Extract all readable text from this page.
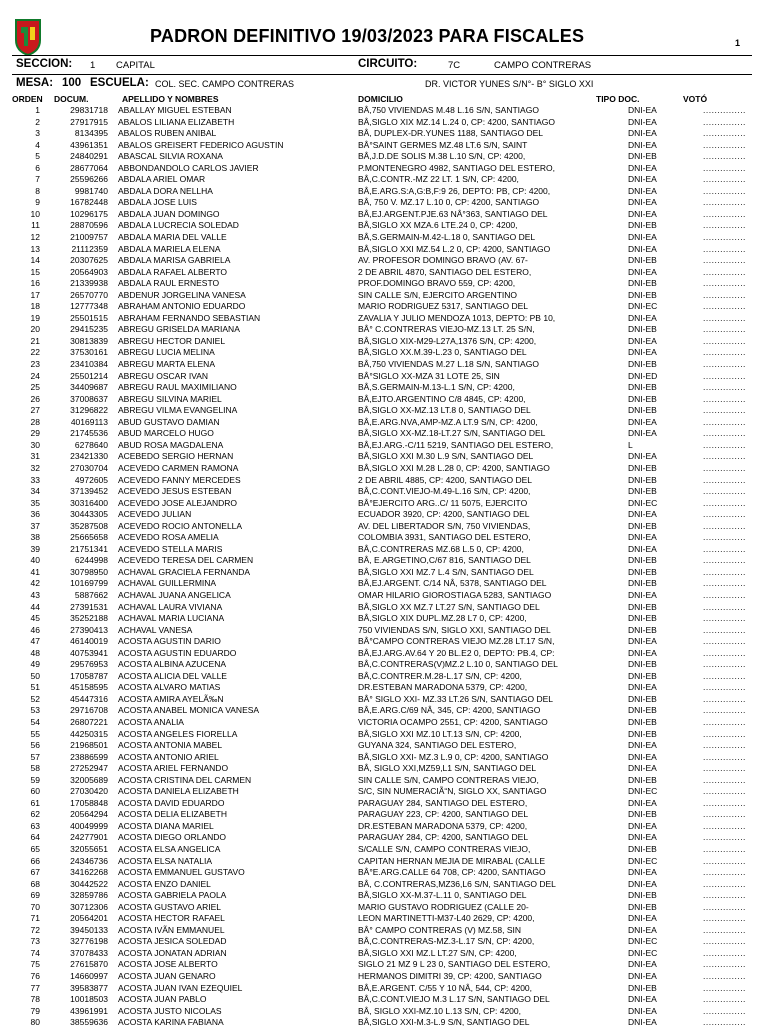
PADRON DEFINITIVO 19/03/2023 PARA FISCALES	1
SECCION: 1 CAPITAL	CIRCUITO:	7C	CAMPO CONTRERAS
MESA: 100 ESCUELA: COL. SEC. CAMPO CONTRERAS	DR. VICTOR YUNES S/N°- B° SIGLO XXI
ORDEN DOCUM.	APELLIDO Y NOMBRES	DOMICILIO	TIPO DOC.	VOTÓ
1	29831718 ABALLAY MIGUEL ESTEBAN	BÂ,750 VIVIENDAS M.48 L.16 S/N, SANTIAGO	DNI-EA	...............
2	27917915 ABALOS LILIANA ELIZABETH	BÂ,SIGLO XIX MZ.14 L.24 0, CP: 4200, SANTIAGO	DNI-EA	...............
3	8134395 ABALOS RUBEN ANIBAL	BÂ, DUPLEX-DR.YUNES 1188, SANTIAGO DEL	DNI-EA	...............
4	43961351 ABALOS GREISERT FEDERICO AGUSTIN	BÂ°SAINT GERMES MZ.48 LT.6 S/N, SAINT	DNI-EA	...............
5	24840291 ABASCAL SILVIA ROXANA	BÂ,J.D.DE SOLIS M.38 L.10 S/N, CP: 4200,	DNI-EB	...............
6	28677064 ABBONDANDOLO CARLOS JAVIER	P.MONTENEGRO 4982, SANTIAGO DEL ESTERO,	DNI-EA	...............
7	25596266 ABDALA ARIEL OMAR	BÂ,C.CONTR.-MZ 22 LT. 1 S/N, CP: 4200,	DNI-EA	...............
8	9981740 ABDALA DORA NELLHA	BÂ,E.ARG.S:A,G:B,F:9 26, DEPTO: PB, CP: 4200,	DNI-EA	...............
9	16782448 ABDALA JOSE LUIS	BÂ, 750 V. MZ.17 L.10 0, CP: 4200, SANTIAGO	DNI-EA	...............
10	10296175 ABDALA JUAN DOMINGO	BÂ,EJ.ARGENT.PJE.63 NÂ°363, SANTIAGO DEL	DNI-EA	...............
11	28870596 ABDALA LUCRECIA SOLEDAD	BÂ,SIGLO XX MZA.6 LTE.24 0, CP: 4200,	DNI-EB	...............
12	21009757 ABDALA MARIA DEL VALLE	BÂ,S.GERMAIN-M.42-L.18 0, SANTIAGO DEL	DNI-EA	...............
13	21112359 ABDALA MARIELA ELENA	BÂ,SIGLO XXI MZ.54 L.2 0, CP: 4200, SANTIAGO	DNI-EA	...............
14	20307625 ABDALA MARISA GABRIELA	AV. PROFESOR DOMINGO BRAVO (AV. 67-	DNI-EB	...............
15	20564903 ABDALA RAFAEL ALBERTO	2 DE ABRIL 4870, SANTIAGO DEL ESTERO,	DNI-EA	...............
16	21339938 ABDALA RAUL ERNESTO	PROF.DOMINGO BRAVO 559, CP: 4200,	DNI-EB	...............
17	26570770 ABDENUR JORGELINA VANESA	SIN CALLE S/N, EJERCITO ARGENTINO	DNI-EB	...............
18	12777348 ABRAHAM ANTONIO EDUARDO	MARIO RODRIGUEZ 5317, SANTIAGO DEL	DNI-EC	...............
19	25501515 ABRAHAM FERNANDO SEBASTIAN	ZAVALIA Y JULIO MENDOZA 1013, DEPTO: PB 10,	DNI-EA	...............
20	29415235 ABREGU GRISELDA MARIANA	BÂ° C.CONTRERAS VIEJO-MZ.13 LT. 25 S/N,	DNI-EB	...............
21	30813839 ABREGU HECTOR DANIEL	BÂ,SIGLO XIX-M29-L27A,1376 S/N, CP: 4200,	DNI-EA	...............
22	37530161 ABREGU LUCIA MELINA	BÂ,SIGLO XX.M.39-L.23 0, SANTIAGO DEL	DNI-EA	...............
23	23410384 ABREGU MARTA ELENA	BÂ,750 VIVIENDAS M.27 L.18 S/N, SANTIAGO	DNI-EB	...............
24	25501214 ABREGU OSCAR IVAN	BÂ°SIGLO XX-MZA 31 LOTE 25, SIN	DNI-ED	...............
25	34409687 ABREGU RAUL MAXIMILIANO	BÂ,S.GERMAIN-M.13-L.1 S/N, CP: 4200,	DNI-EB	...............
26	37008637 ABREGU SILVINA MARIEL	BÂ,EJTO.ARGENTINO C/8 4845, CP: 4200,	DNI-EB	...............
27	31296822 ABREGU VILMA EVANGELINA	BÂ,SIGLO XX-MZ.13 LT.8 0, SANTIAGO DEL	DNI-EB	...............
28	40169113 ABUD GUSTAVO DAMIAN	BÂ,E.ARG.NVA,AMP-MZ.A LT.9 S/N, CP: 4200,	DNI-EA	...............
29	21745536 ABUD MARCELO HUGO	BÂ,SIGLO XX-MZ.18-LT.27 S/N, SANTIAGO DEL	DNI-EA	...............
30	6278640 ABUD ROSA MAGDALENA	BÂ,EJ.ARG.-C/11 5219, SANTIAGO DEL ESTERO,	L	...............
31	23421330 ACEBEDO SERGIO HERNAN	BÂ,SIGLO XXI M.30 L.9 S/N, SANTIAGO DEL	DNI-EA	...............
32	27030704 ACEVEDO CARMEN RAMONA	BÂ,SIGLO XXI M.28 L.28 0, CP: 4200, SANTIAGO	DNI-EB	...............
33	4972605 ACEVEDO FANNY MERCEDES	2 DE ABRIL 4885, CP: 4200, SANTIAGO DEL	DNI-EB	...............
34	37139452 ACEVEDO JESUS ESTEBAN	BÂ,C.CONT.VIEJO-M.49-L.16 S/N, CP: 4200,	DNI-EB	...............
35	30316400 ACEVEDO JOSE ALEJANDRO	BÂ°EJERCITO ARG..C/ 11 5075, EJERCITO	DNI-EC	...............
36	30443305 ACEVEDO JULIAN	ECUADOR 3920, CP: 4200, SANTIAGO DEL	DNI-EA	...............
37	35287508 ACEVEDO ROCIO ANTONELLA	AV. DEL LIBERTADOR S/N, 750 VIVIENDAS,	DNI-EB	...............
38	25665658 ACEVEDO ROSA AMELIA	COLOMBIA 3931, SANTIAGO DEL ESTERO,	DNI-EA	...............
39	21751341 ACEVEDO STELLA MARIS	BÂ,C.CONTRERAS MZ.68 L.5 0, CP: 4200,	DNI-EA	...............
40	6244998 ACEVEDO TERESA DEL CARMEN	BÂ, E.ARGETINO,C/67 816, SANTIAGO DEL	DNI-EB	...............
41	30798950 ACHAVAL GRACIELA FERNANDA	BÂ,SIGLO XXI MZ.7 L.4 S/N, SANTIAGO DEL	DNI-EB	...............
42	10169799 ACHAVAL GUILLERMINA	BÂ,EJ.ARGENT. C/14 NÂ, 5378, SANTIAGO DEL	DNI-EB	...............
43	5887662 ACHAVAL JUANA ANGELICA	OMAR HILARIO GIOROSTIAGA 5283, SANTIAGO	DNI-EA	...............
44	27391531 ACHAVAL LAURA VIVIANA	BÂ,SIGLO XX MZ.7 LT.27 S/N, SANTIAGO DEL	DNI-EB	...............
45	35252188 ACHAVAL MARIA LUCIANA	BÂ,SIGLO XIX DUPL.MZ.28 L7 0, CP: 4200,	DNI-EB	...............
46	27390413 ACHAVAL VANESA	750 VIVIENDAS S/N, SIGLO XXI, SANTIAGO DEL	DNI-EB	...............
47	46140019 ACOSTA AGUSTIN DARIO	BÂ°CAMPO CONTRERAS VIEJO MZ.28 LT.17 S/N,	DNI-EA	...............
48	40753941 ACOSTA AGUSTIN EDUARDO	BÂ,EJ.ARG.AV.64 Y 20 BL.E2 0, DEPTO: PB.4, CP:	DNI-EA	...............
49	29576953 ACOSTA ALBINA AZUCENA	BÂ,C.CONTRERAS(V)MZ.2 L.10 0, SANTIAGO DEL	DNI-EB	...............
50	17058787 ACOSTA ALICIA DEL VALLE	BÂ,C.CONTRER.M.28-L.17 S/N, CP: 4200,	DNI-EB	...............
51	45158595 ACOSTA ALVARO MATIAS	DR.ESTEBAN MARADONA 5379, CP: 4200,	DNI-EA	...............
52	45447316 ACOSTA AMIRA AYELÃ‰N	BÂ° SIGLO XXI- MZ.33 LT.26 S/N, SANTIAGO DEL	DNI-EB	...............
53	29716708 ACOSTA ANABEL MONICA VANESA	BÂ,E.ARG.C/69 NÂ, 345, CP: 4200, SANTIAGO	DNI-EB	...............
54	26807221 ACOSTA ANALIA	VICTORIA OCAMPO 2551, CP: 4200, SANTIAGO	DNI-EB	...............
55	44250315 ACOSTA ANGELES FIORELLA	BÂ,SIGLO XXI MZ.10 LT.13 S/N, CP: 4200,	DNI-EB	...............
56	21968501 ACOSTA ANTONIA MABEL	GUYANA 324, SANTIAGO DEL ESTERO,	DNI-EA	...............
57	23886599 ACOSTA ANTONIO ARIEL	BÂ,SIGLO XXI- MZ.3 L.9 0, CP: 4200, SANTIAGO	DNI-EA	...............
58	27252947 ACOSTA ARIEL FERNANDO	BÂ, SIGLO XXI,MZ59,L1 S/N, SANTIAGO DEL	DNI-EA	...............
59	32005689 ACOSTA CRISTINA DEL CARMEN	SIN CALLE S/N, CAMPO CONTRERAS VIEJO,	DNI-EB	...............
60	27030420 ACOSTA DANIELA ELIZABETH	S/C, SIN NUMERACIÃ“N, SIGLO XX, SANTIAGO	DNI-EC	...............
61	17058848 ACOSTA DAVID EDUARDO	PARAGUAY 284, SANTIAGO DEL ESTERO,	DNI-EA	...............
62	20564294 ACOSTA DELIA ELIZABETH	PARAGUAY 223, CP: 4200, SANTIAGO DEL	DNI-EB	...............
63	40049999 ACOSTA DIANA MARIEL	DR.ESTEBAN MARADONA 5379, CP: 4200,	DNI-EA	...............
64	24277901 ACOSTA DIEGO ORLANDO	PARAGUAY 284, CP: 4200, SANTIAGO DEL	DNI-EA	...............
65	32055651 ACOSTA ELSA ANGELICA	S/CALLE S/N, CAMPO CONTRERAS VIEJO,	DNI-EB	...............
66	24346736 ACOSTA ELSA NATALIA	CAPITAN HERNAN MEJIA DE MIRABAL (CALLE	DNI-EC	...............
67	34162268 ACOSTA EMMANUEL GUSTAVO	BÂ°E.ARG.CALLE 64 708, CP: 4200, SANTIAGO	DNI-EA	...............
68	30442522 ACOSTA ENZO DANIEL	BÂ, C.CONTRERAS,MZ36,L6 S/N, SANTIAGO DEL	DNI-EA	...............
69	32859786 ACOSTA GABRIELA PAOLA	BÂ,SIGLO XX-M.37-L.11 0, SANTIAGO DEL	DNI-EB	...............
70	30712306 ACOSTA GUSTAVO ARIEL	MARIO GUSTAVO RODRIGUEZ (CALLE 20-	DNI-EB	...............
71	20564201 ACOSTA HECTOR RAFAEL	LEON MARTINETTI-M37-L40 2629, CP: 4200,	DNI-EA	...............
72	39450133 ACOSTA IVÃN EMMANUEL	BÂ° CAMPO CONTRERAS (V) MZ.58, SIN	DNI-EA	...............
73	32776198 ACOSTA JESICA SOLEDAD	BÂ,C.CONTRERAS-MZ.3-L.17 S/N, CP: 4200,	DNI-EC	...............
74	37078433 ACOSTA JONATAN ADRIAN	BÂ,SIGLO XXI MZ.L LT.27 S/N, CP: 4200,	DNI-EC	...............
75	27615870 ACOSTA JOSE ALBERTO	SIGLO 21 MZ 9 L 23 0, SANTIAGO DEL ESTERO,	DNI-EA	...............
76	14660997 ACOSTA JUAN GENARO	HERMANOS DIMITRI 39, CP: 4200, SANTIAGO	DNI-EA	...............
77	39583877 ACOSTA JUAN IVAN EZEQUIEL	BÂ,E.ARGENT. C/55 Y 10 NÂ, 544, CP: 4200,	DNI-EB	...............
78	10018503 ACOSTA JUAN PABLO	BÂ,C.CONT.VIEJO M.3 L.17 S/N, SANTIAGO DEL	DNI-EA	...............
79	43961991 ACOSTA JUSTO NICOLAS	BÂ, SIGLO XXI-MZ.10 L.13 S/N, CP: 4200,	DNI-EA	...............
80	38559636 ACOSTA KARINA FABIANA	BÂ,SIGLO XXI-M.3-L.9 S/N, SANTIAGO DEL	DNI-EA	...............
